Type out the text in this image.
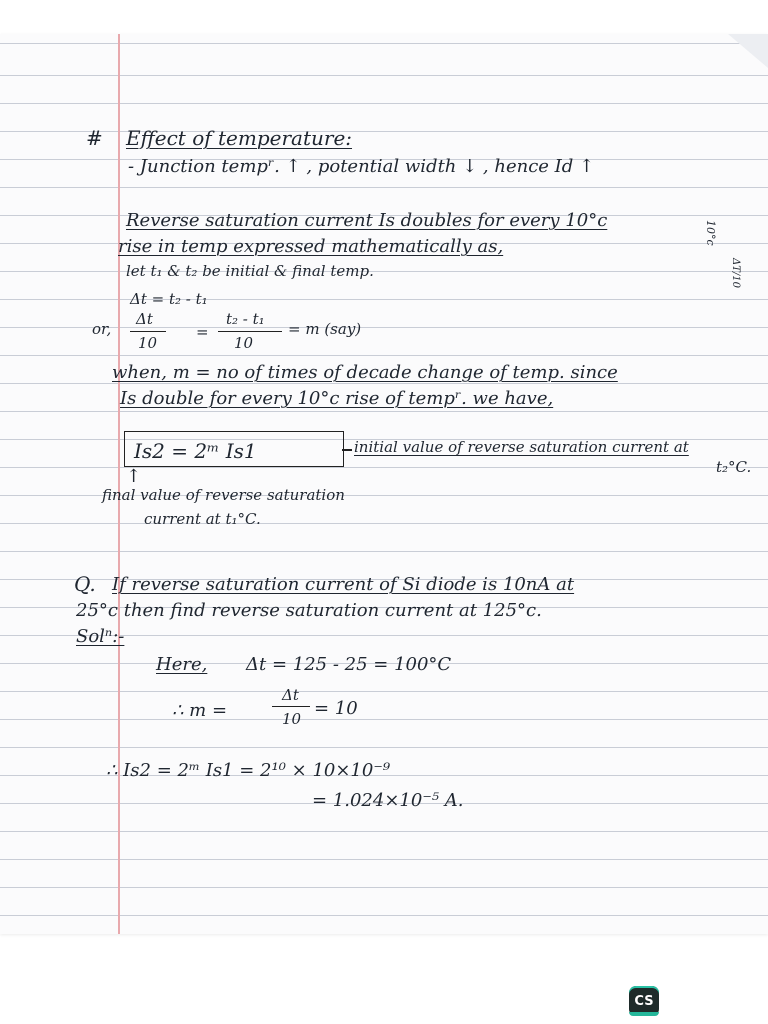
# Effect of temperature:
- Junction tempʳ. ↑ , potential width ↓ , hence Id ↑
Reverse saturation current Is doubles for every 10°c
rise in temp expressed mathematically as,
let t₁ & t₂ be initial & final temp.
Δt = t₂ - t₁
or,
Δt
10
=
t₂ - t₁
10
= m (say)
10°c
ΔT/10
when, m = no of times of decade change of temp. since
Is double for every 10°c rise of tempʳ. we have,
Is2 = 2ᵐ Is1	initial value of reverse saturation current at
t₂°C.
↑
final value of reverse saturation
current at t₁°C.
Q. If reverse saturation current of Si diode is 10nA at
25°c then find reverse saturation current at 125°c.
Solⁿ:-
Here, Δt = 125 - 25 = 100°C
∴ m =
Δt
10 = 10
∴ Is2 = 2ᵐ Is1 = 2¹⁰ × 10×10⁻⁹
= 1.024×10⁻⁵ A.
CS
